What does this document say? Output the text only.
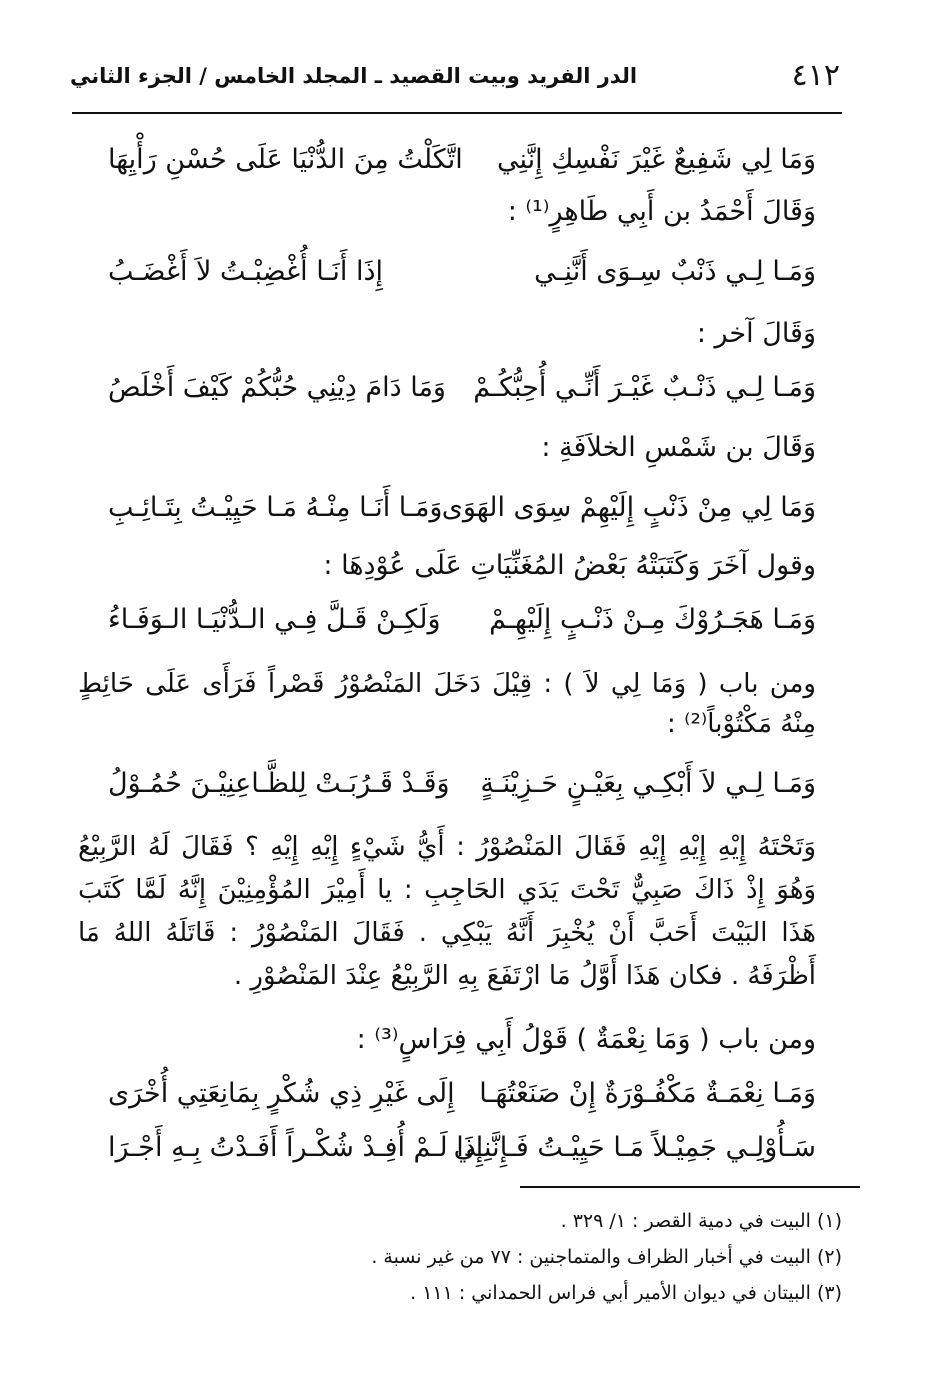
٤١٢
الدر الفريد وبيت القصيد ـ المجلد الخامس / الجزء الثاني
وَمَا لِي شَفِيعٌ غَيْرَ نَفْسِكِ إِنَّنِي
اتَّكَلْتُ مِنَ الدُّنْيَا عَلَى حُسْنِ رَأْيِهَا
وَقَالَ أَحْمَدُ بن أَبِي طَاهِرٍ⁽¹⁾ :
وَمَـا لِـي ذَنْبٌ سِـوَى أَنَّنِـي
إِذَا أَنَـا أُغْضِبْـتُ لاَ أَغْضَـبُ
وَقَالَ آخر :
وَمَـا لِـي ذَنْـبٌ غَيْـرَ أَنِّـي أُحِبُّكُـمْ
وَمَا دَامَ دِيْنِي حُبُّكُمْ كَيْفَ أَخْلَصُ
وَقَالَ بن شَمْسِ الخلاَفَةِ :
وَمَا لِي مِنْ ذَنْبٍ إِلَيْهِمْ سِوَى الهَوَى
وَمَـا أَنَـا مِنْـهُ مَـا حَيِيْـتُ بِتَـائِـبِ
وقول آخَرَ وَكَتَبَتْهُ بَعْضُ المُغَنِّيَاتِ عَلَى عُوْدِهَا :
وَمَـا هَجَـرُوْكَ مِـنْ ذَنْـبٍ إِلَيْهِـمْ
وَلَكِـنْ قَـلَّ فِـي الـدُّنْيَـا الـوَفَـاءُ
ومن باب ( وَمَا لِي لاَ ) : قِيْلَ دَخَلَ المَنْصُوْرُ قَصْراً فَرَأَى عَلَى حَائِطٍ مِنْهُ مَكْتُوْباً⁽²⁾ :
وَمَـا لِـي لاَ أَبْكِـي بِعَيْـنٍ حَـزِيْنَـةٍ
وَقَـدْ قَـرُبَـتْ لِلظَّـاعِنِيْـنَ حُمُـوْلُ
وَتَحْتَهُ إِيْهِ إِيْهِ إِيْهِ فَقَالَ المَنْصُوْرُ : أَيُّ شَيْءٍ إِيْهِ إِيْهِ ؟ فَقَالَ لَهُ الرَّبِيْعُ وَهُوَ إِذْ ذَاكَ صَبِيٌّ تَحْتَ يَدَي الحَاجِبِ : يا أَمِيْرَ المُؤْمِنِيْنَ إِنَّهُ لَمَّا كَتَبَ هَذَا البَيْتَ أَحَبَّ أَنْ يُخْبِرَ أَنَّهُ يَبْكِي . فَقَالَ المَنْصُوْرُ : قَاتَلَهُ اللهُ مَا أَظْرَفَهُ . فكان هَذَا أَوَّلُ مَا ارْتَفَعَ بِهِ الرَّبِيْعُ عِنْدَ المَنْصُوْرِ .
ومن باب ( وَمَا نِعْمَةٌ ) قَوْلُ أَبِي فِرَاسٍ⁽³⁾ :
وَمَـا نِعْمَـةٌ مَكْفُـوْرَةٌ إِنْ صَنَعْتُهَـا
إِلَى غَيْرِ ذِي شُكْرٍ بِمَانِعَتِي أُخْرَى
سَـأُوْلِـي جَمِيْـلاً مَـا حَيِيْـتُ فَـإِنَّنِـي
إِذَا لَـمْ أُفِـدْ شُكْـراً أَفَـدْتُ بِـهِ أَجْـرَا
(١) البيت في دمية القصر : ١/ ٣٢٩ .
(٢) البيت في أخبار الظراف والمتماجنين : ٧٧ من غير نسبة .
(٣) البيتان في ديوان الأمير أبي فراس الحمداني : ١١١ .
